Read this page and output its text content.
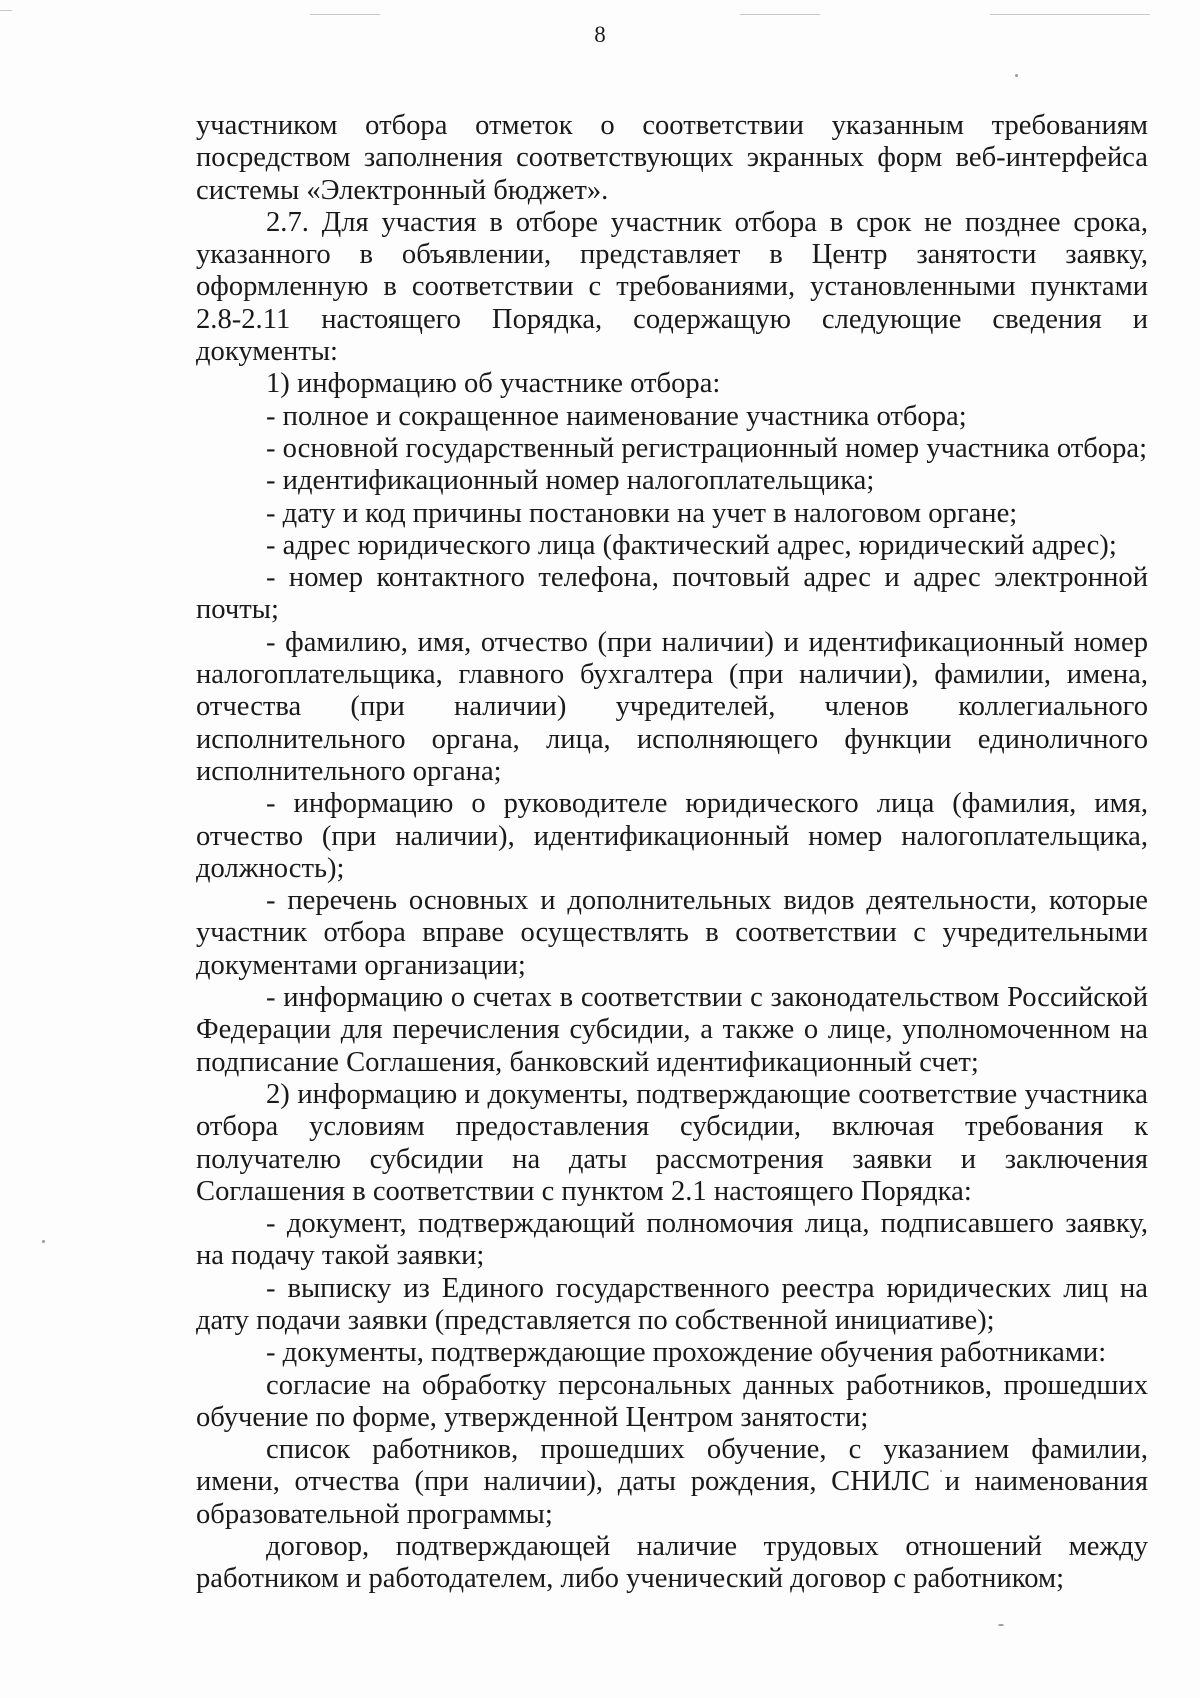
8

участником отбора отметок о соответствии указанным требованиям посредством заполнения соответствующих экранных форм веб-интерфейса системы «Электронный бюджет».

2.7. Для участия в отборе участник отбора в срок не позднее срока, указанного в объявлении, представляет в Центр занятости заявку, оформленную в соответствии с требованиями, установленными пунктами 2.8-2.11 настоящего Порядка, содержащую следующие сведения и документы:

1) информацию об участнике отбора:

- полное и сокращенное наименование участника отбора;

- основной государственный регистрационный номер участника отбора;

- идентификационный номер налогоплательщика;

- дату и код причины постановки на учет в налоговом органе;

- адрес юридического лица (фактический адрес, юридический адрес);

- номер контактного телефона, почтовый адрес и адрес электронной почты;

- фамилию, имя, отчество (при наличии) и идентификационный номер налогоплательщика, главного бухгалтера (при наличии), фамилии, имена, отчества (при наличии) учредителей, членов коллегиального исполнительного органа, лица, исполняющего функции единоличного исполнительного органа;

- информацию о руководителе юридического лица (фамилия, имя, отчество (при наличии), идентификационный номер налогоплательщика, должность);

- перечень основных и дополнительных видов деятельности, которые участник отбора вправе осуществлять в соответствии с учредительными документами организации;

- информацию о счетах в соответствии с законодательством Российской Федерации для перечисления субсидии, а также о лице, уполномоченном на подписание Соглашения, банковский идентификационный счет;

2) информацию и документы, подтверждающие соответствие участника отбора условиям предоставления субсидии, включая требования к получателю субсидии на даты рассмотрения заявки и заключения Соглашения в соответствии с пунктом 2.1 настоящего Порядка:

- документ, подтверждающий полномочия лица, подписавшего заявку, на подачу такой заявки;

- выписку из Единого государственного реестра юридических лиц на дату подачи заявки (представляется по собственной инициативе);

- документы, подтверждающие прохождение обучения работниками:

согласие на обработку персональных данных работников, прошедших обучение по форме, утвержденной Центром занятости;

список работников, прошедших обучение, с указанием фамилии, имени, отчества (при наличии), даты рождения, СНИЛС и наименования образовательной программы;

договор, подтверждающей наличие трудовых отношений между работником и работодателем, либо ученический договор с работником;
